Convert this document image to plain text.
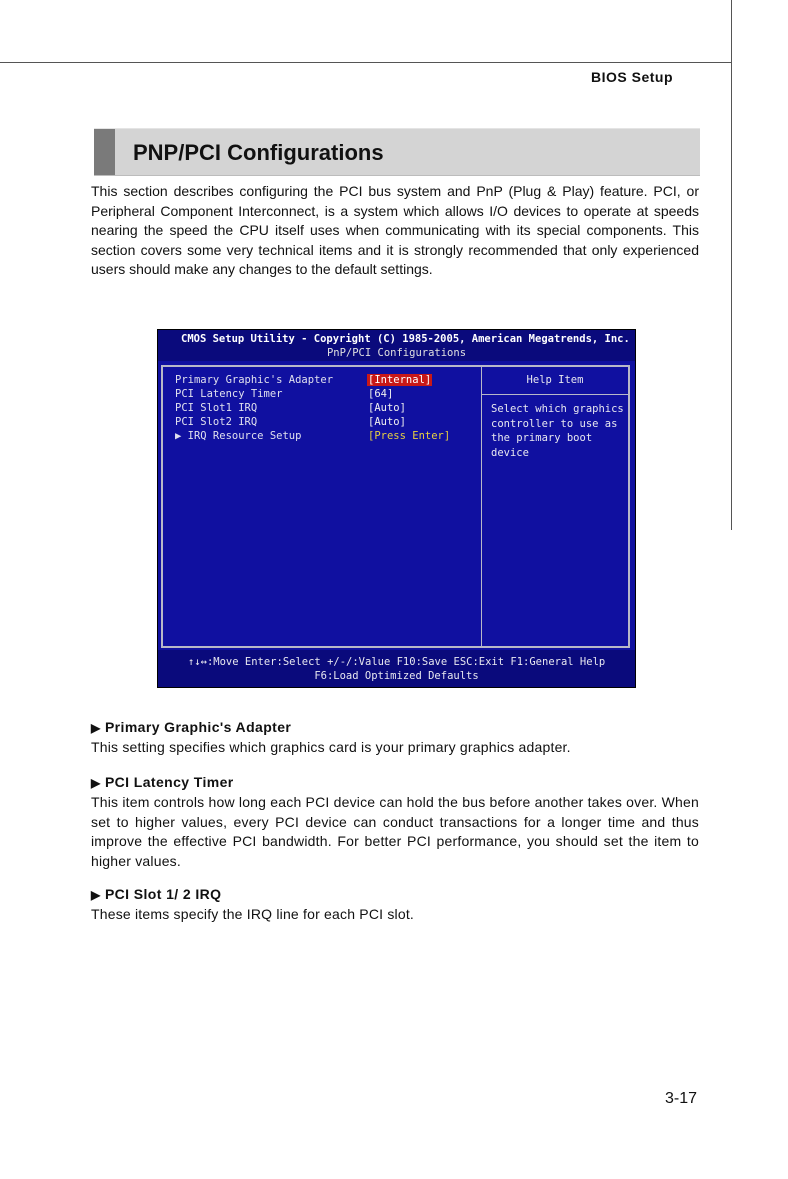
BIOS Setup
PNP/PCI Configurations

This section describes configuring the PCI bus system and PnP (Plug & Play) feature. PCI, or Peripheral Component Interconnect, is a system which allows I/O devices to operate at speeds nearing the speed the CPU itself uses when communicating with its special components. This section covers some very technical items and it is strongly recommended that only experienced users should make any changes to the default settings.

CMOS Setup Utility - Copyright (C) 1985-2005, American Megatrends, Inc.
PnP/PCI Configurations
Primary Graphic's Adapter	[Internal]
PCI Latency Timer	[64]
PCI Slot1 IRQ	[Auto]
PCI Slot2 IRQ	[Auto]
▶ IRQ Resource Setup	[Press Enter]
Help Item
Select which graphics controller to use as the primary boot device
↑↓↔:Move Enter:Select +/-/:Value F10:Save ESC:Exit F1:General Help
F6:Load Optimized Defaults
▶ Primary Graphic's Adapter

This setting specifies which graphics card is your primary graphics adapter.

▶ PCI Latency Timer

This item controls how long each PCI device can hold the bus before another takes over. When set to higher values, every PCI device can conduct transactions for a longer time and thus improve the effective PCI bandwidth. For better PCI performance, you should set the item to higher values.

▶ PCI Slot 1/ 2 IRQ

These items specify the IRQ line for each PCI slot.

3-17
